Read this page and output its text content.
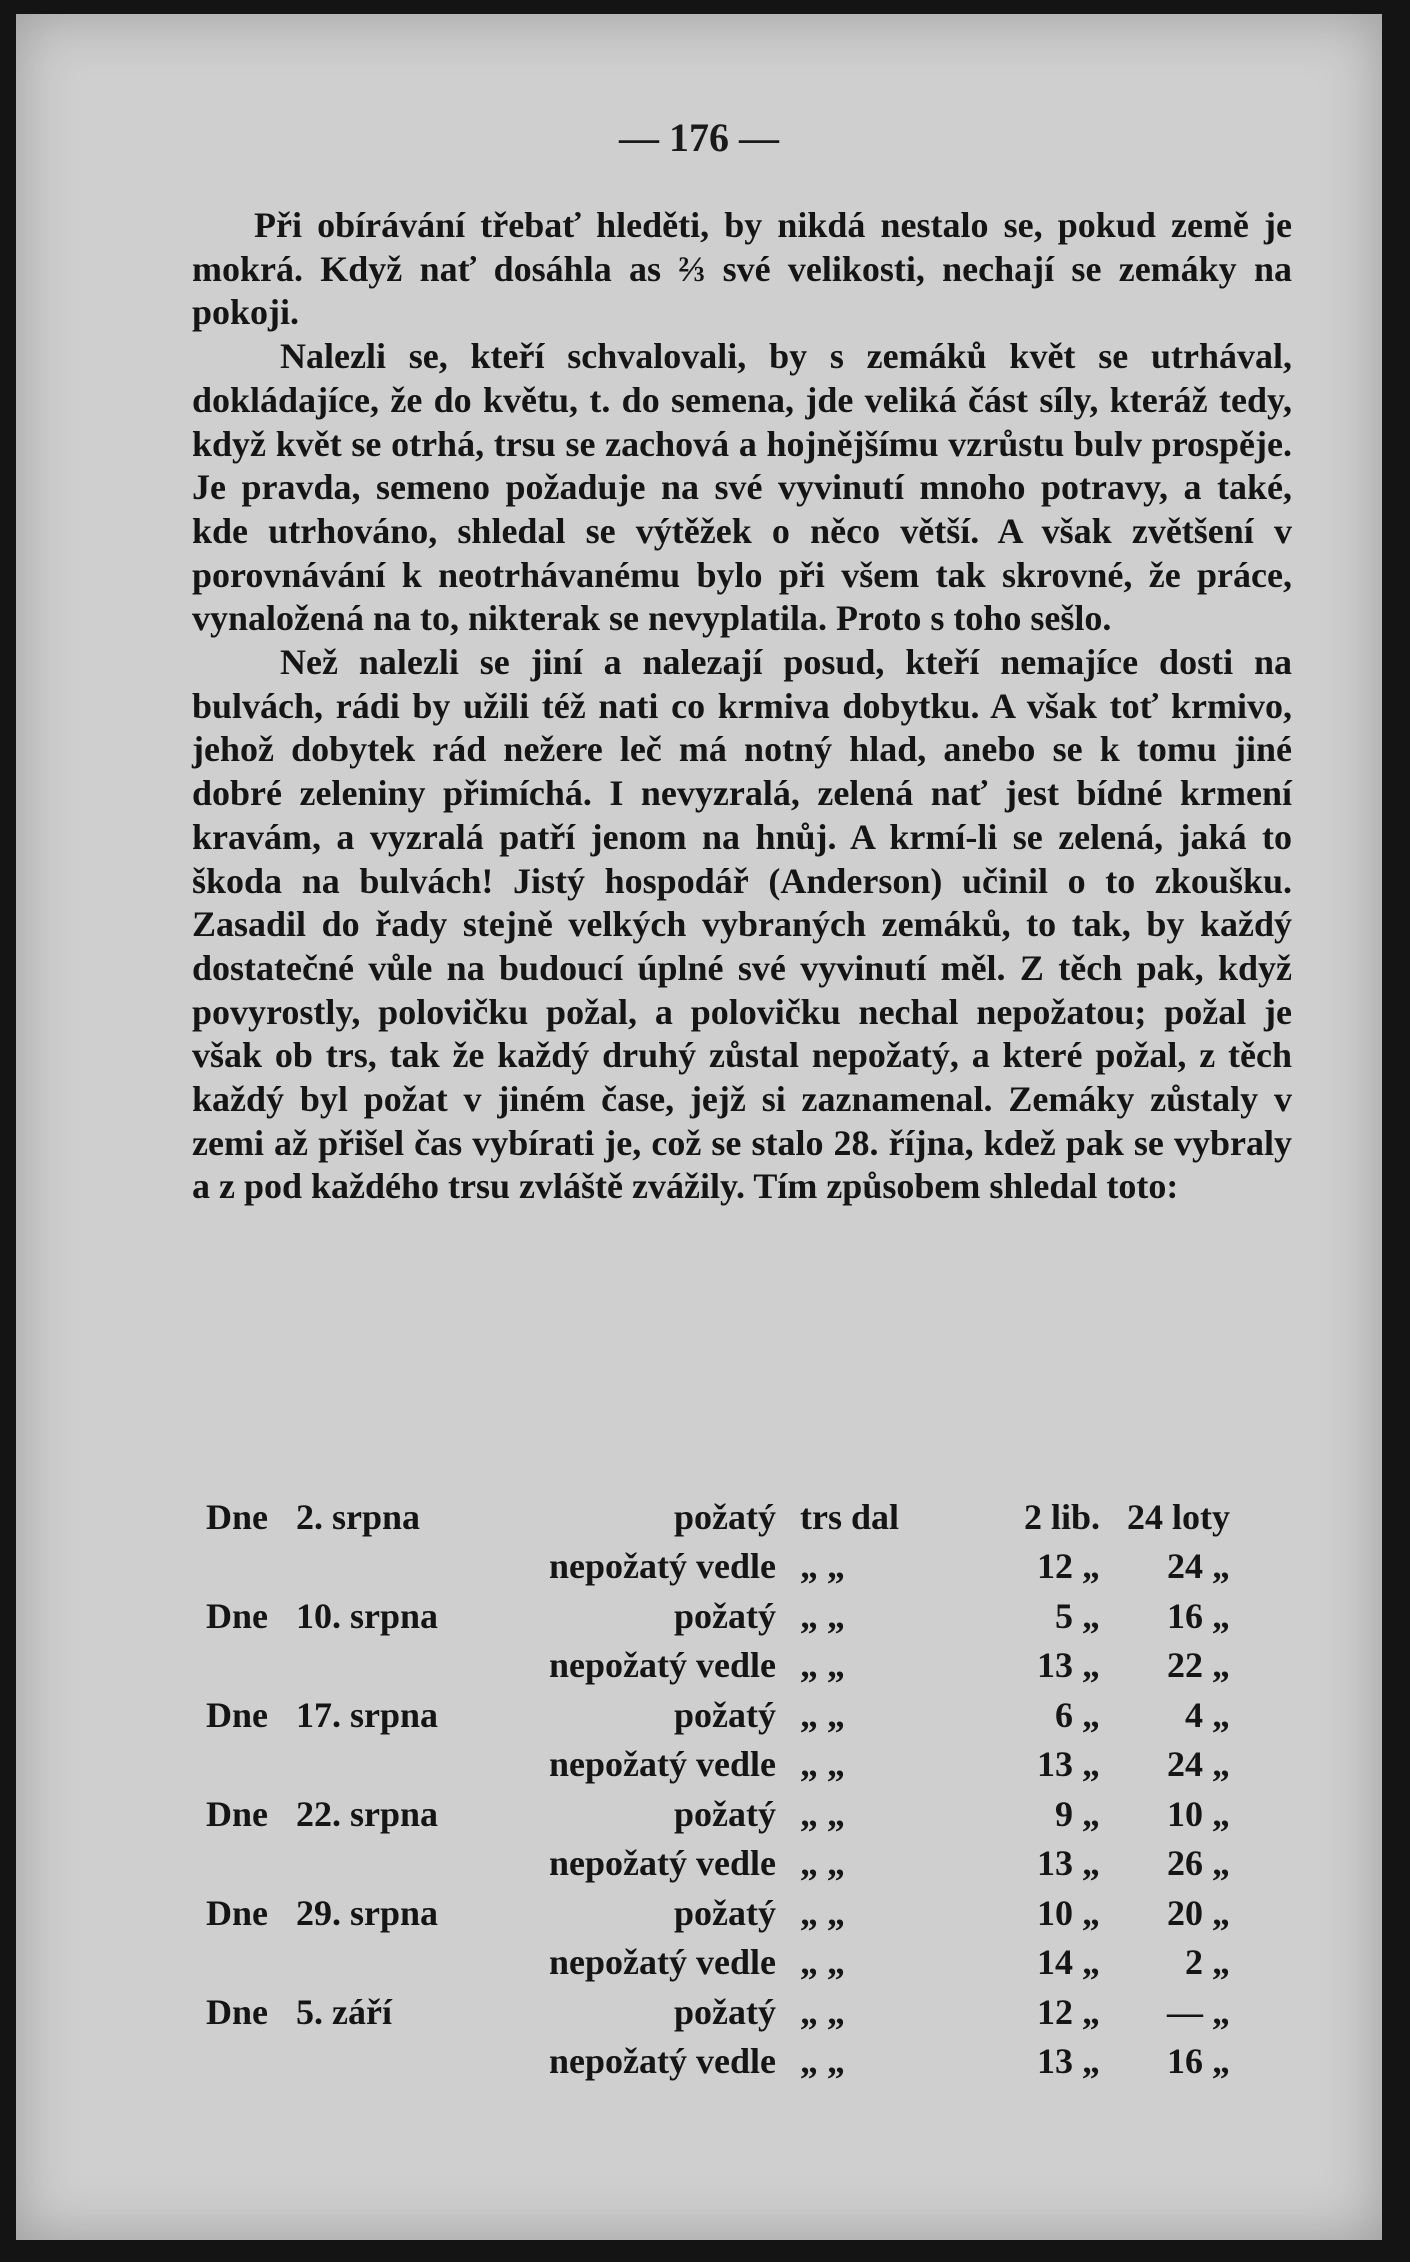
— 176 —

Při obírávání třebať hleděti, by nikdá nestalo se, pokud země je mokrá. Když nať dosáhla as ⅔ své velikosti, nechají se zemáky na pokoji.

Nalezli se, kteří schvalovali, by s zemáků květ se utrhával, dokládajíce, že do květu, t. do semena, jde veliká část síly, kteráž tedy, když květ se otrhá, trsu se zachová a hojnějšímu vzrůstu bulv prospěje. Je pravda, semeno požaduje na své vyvinutí mnoho potravy, a také, kde utrhováno, shledal se výtěžek o něco větší. A však zvětšení v porovnávání k neotrhávanému bylo při všem tak skrovné, že práce, vynaložená na to, nikterak se nevyplatila. Proto s toho sešlo.

Než nalezli se jiní a nalezají posud, kteří nemajíce dosti na bulvách, rádi by užili též nati co krmiva dobytku. A však toť krmivo, jehož dobytek rád nežere leč má notný hlad, anebo se k tomu jiné dobré zeleniny přimíchá. I nevyzralá, zelená nať jest bídné krmení kravám, a vyzralá patří jenom na hnůj. A krmí-li se zelená, jaká to škoda na bulvách! Jistý hospodář (Anderson) učinil o to zkoušku. Zasadil do řady stejně velkých vybraných zemáků, to tak, by každý dostatečné vůle na budoucí úplné své vyvinutí měl. Z těch pak, když povyrostly, polovičku požal, a polovičku nechal nepožatou; požal je však ob trs, tak že každý druhý zůstal nepožatý, a které požal, z těch každý byl požat v jiném čase, jejž si zaznamenal. Zemáky zůstaly v zemi až přišel čas vybírati je, což se stalo 28. října, kdež pak se vybraly a z pod každého trsu zvláště zvážily. Tím způsobem shledal toto:

Dne	2. srpna	požatý	trs dal	2 lib.	24 loty
		nepožatý vedle	„ „	12 „	24 „
Dne	10. srpna	požatý	„ „	5 „	16 „
		nepožatý vedle	„ „	13 „	22 „
Dne	17. srpna	požatý	„ „	6 „	4 „
		nepožatý vedle	„ „	13 „	24 „
Dne	22. srpna	požatý	„ „	9 „	10 „
		nepožatý vedle	„ „	13 „	26 „
Dne	29. srpna	požatý	„ „	10 „	20 „
		nepožatý vedle	„ „	14 „	2 „
Dne	5. září	požatý	„ „	12 „	— „
		nepožatý vedle	„ „	13 „	16 „
